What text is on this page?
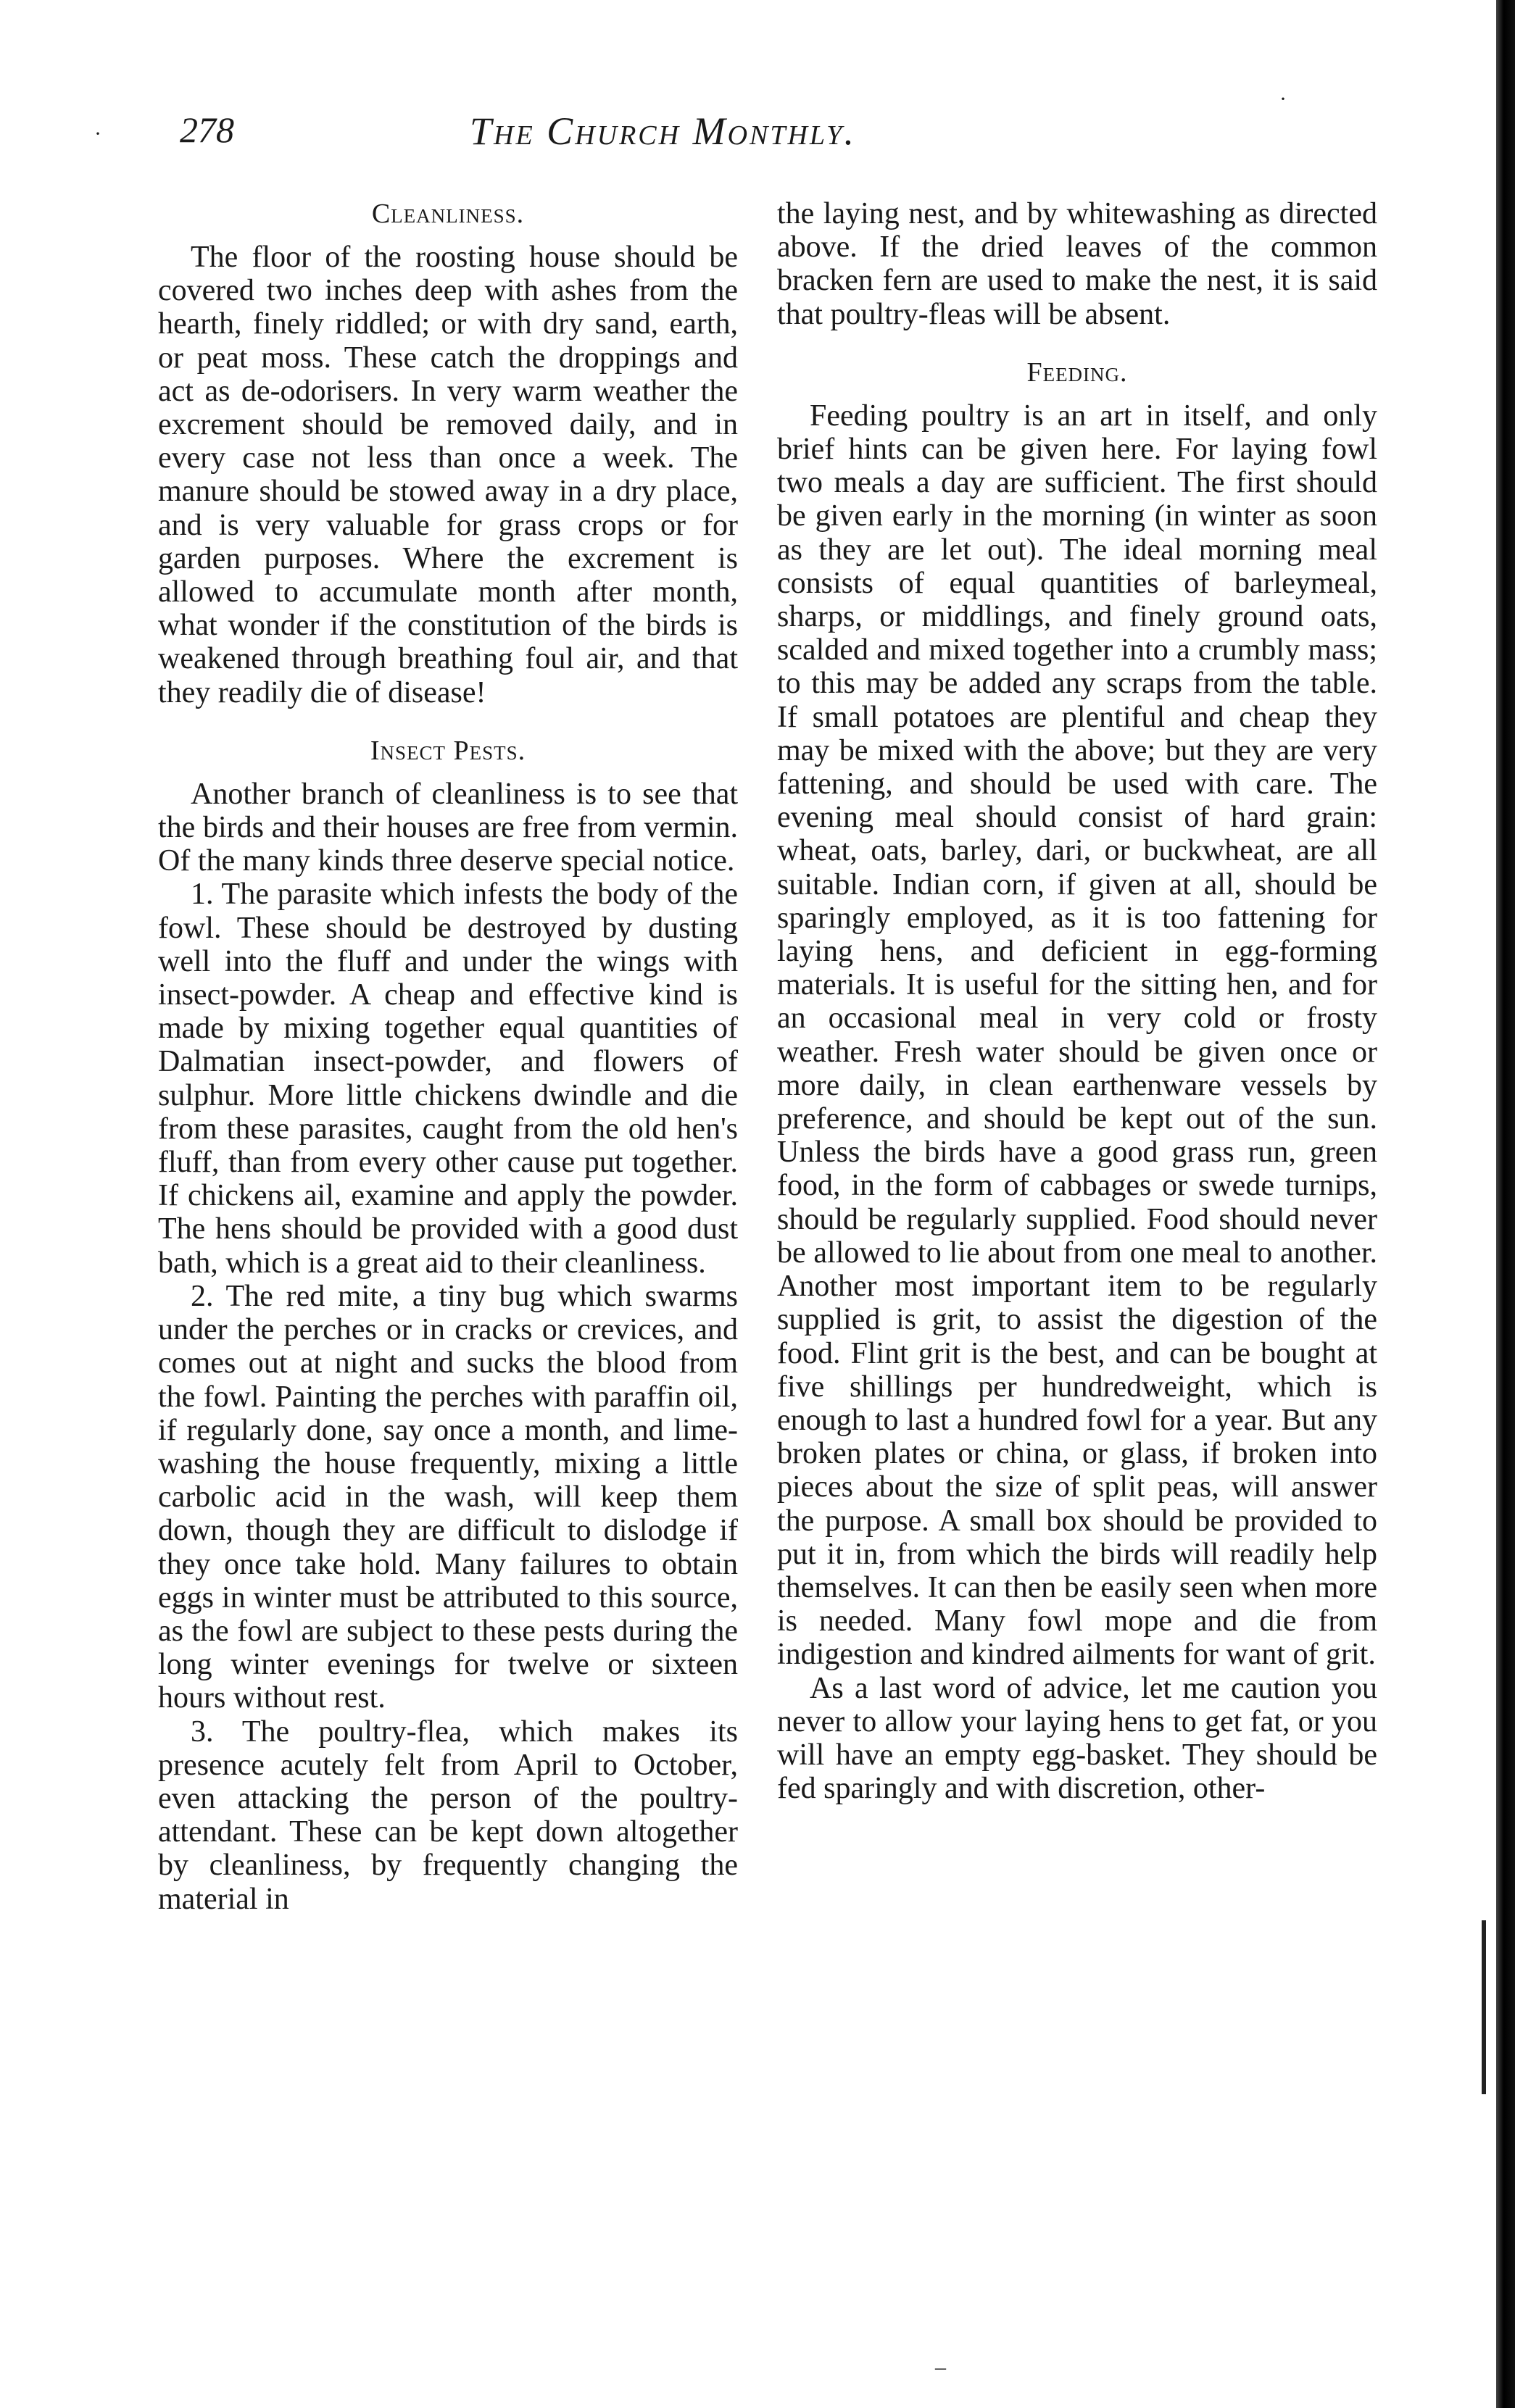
·
·
–
278	The Church Monthly.
Cleanliness.

The floor of the roosting house should be covered two inches deep with ashes from the hearth, finely riddled; or with dry sand, earth, or peat moss. These catch the droppings and act as de-odorisers. In very warm weather the excrement should be removed daily, and in every case not less than once a week. The manure should be stowed away in a dry place, and is very valuable for grass crops or for garden purposes. Where the excrement is allowed to accumulate month after month, what wonder if the constitution of the birds is weakened through breathing foul air, and that they readily die of disease!

Insect Pests.

Another branch of cleanliness is to see that the birds and their houses are free from vermin. Of the many kinds three deserve special notice.

1. The parasite which infests the body of the fowl. These should be destroyed by dusting well into the fluff and under the wings with insect-powder. A cheap and effective kind is made by mixing together equal quantities of Dalmatian insect-powder, and flowers of sulphur. More little chickens dwindle and die from these parasites, caught from the old hen's fluff, than from every other cause put together. If chickens ail, examine and apply the powder. The hens should be provided with a good dust bath, which is a great aid to their cleanliness.

2. The red mite, a tiny bug which swarms under the perches or in cracks or crevices, and comes out at night and sucks the blood from the fowl. Painting the perches with paraffin oil, if regularly done, say once a month, and lime-washing the house frequently, mixing a little carbolic acid in the wash, will keep them down, though they are difficult to dislodge if they once take hold. Many failures to obtain eggs in winter must be attributed to this source, as the fowl are subject to these pests during the long winter evenings for twelve or sixteen hours without rest.

3. The poultry-flea, which makes its presence acutely felt from April to October, even attacking the person of the poultry-attendant. These can be kept down altogether by cleanliness, by frequently changing the material in

the laying nest, and by whitewashing as directed above. If the dried leaves of the common bracken fern are used to make the nest, it is said that poultry-fleas will be absent.

Feeding.

Feeding poultry is an art in itself, and only brief hints can be given here. For laying fowl two meals a day are sufficient. The first should be given early in the morning (in winter as soon as they are let out). The ideal morning meal consists of equal quantities of barleymeal, sharps, or middlings, and finely ground oats, scalded and mixed together into a crumbly mass; to this may be added any scraps from the table. If small potatoes are plentiful and cheap they may be mixed with the above; but they are very fattening, and should be used with care. The evening meal should consist of hard grain: wheat, oats, barley, dari, or buckwheat, are all suitable. Indian corn, if given at all, should be sparingly employed, as it is too fattening for laying hens, and deficient in egg-forming materials. It is useful for the sitting hen, and for an occasional meal in very cold or frosty weather. Fresh water should be given once or more daily, in clean earthenware vessels by preference, and should be kept out of the sun. Unless the birds have a good grass run, green food, in the form of cabbages or swede turnips, should be regularly supplied. Food should never be allowed to lie about from one meal to another. Another most important item to be regularly supplied is grit, to assist the digestion of the food. Flint grit is the best, and can be bought at five shillings per hundredweight, which is enough to last a hundred fowl for a year. But any broken plates or china, or glass, if broken into pieces about the size of split peas, will answer the purpose. A small box should be provided to put it in, from which the birds will readily help themselves. It can then be easily seen when more is needed. Many fowl mope and die from indigestion and kindred ailments for want of grit.

As a last word of advice, let me caution you never to allow your laying hens to get fat, or you will have an empty egg-basket. They should be fed sparingly and with discretion, other-
